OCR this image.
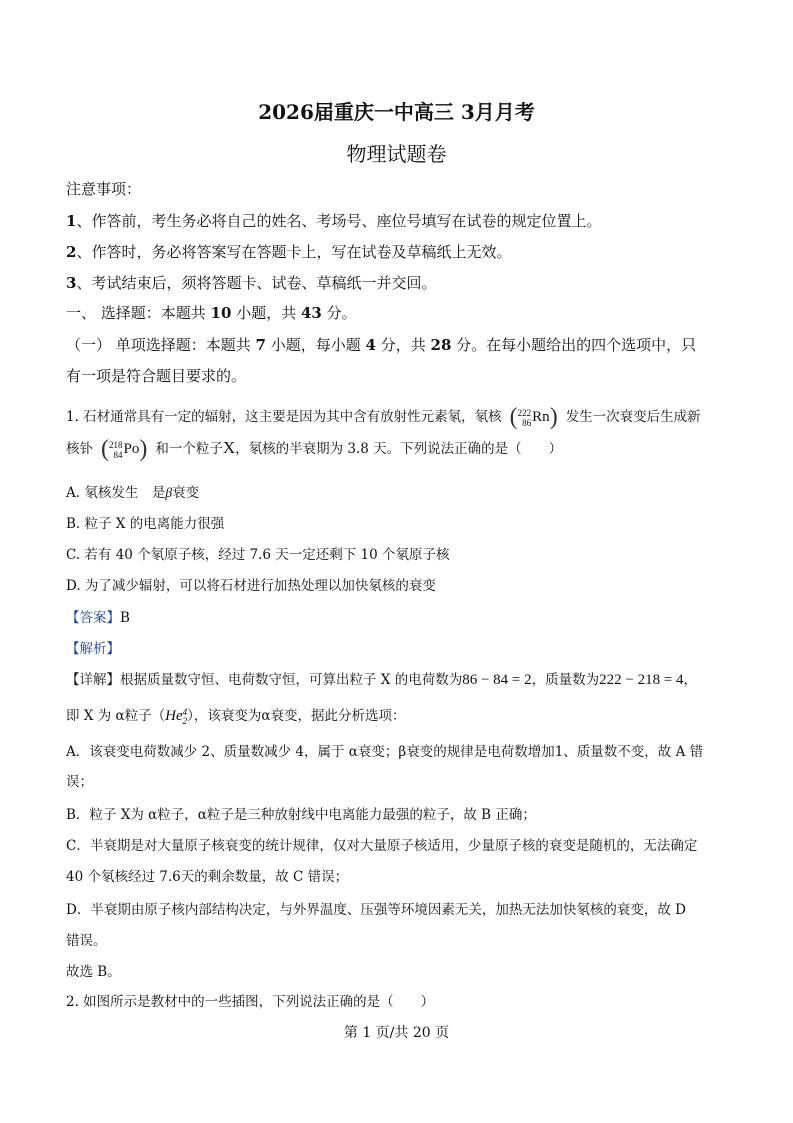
2026届重庆一中高三 3月月考
物理试题卷
注意事项：
1、作答前，考生务必将自己的姓名、考场号、座位号填写在试卷的规定位置上。
2、作答时，务必将答案写在答题卡上，写在试卷及草稿纸上无效。
3、考试结束后，须将答题卡、试卷、草稿纸一并交回。
一、 选择题：本题共 10 小题，共 43 分。
（一） 单项选择题：本题共 7 小题，每小题 4 分，共 28 分。在每小题给出的四个选项中，只
有一项是符合题目要求的。
1. 石材通常具有一定的辐射，这主要是因为其中含有放射性元素氡，氡核 (222
86Rn) 发生一次衰变后生成新
核钋 (218
84Po) 和一个粒子X，氡核的半衰期为 3.8 天。下列说法正确的是（　　）
A. 氡核发生　是β衰变
B. 粒子 X 的电离能力很强
C. 若有 40 个氡原子核，经过 7.6 天一定还剩下 10 个氡原子核
D. 为了减少辐射，可以将石材进行加热处理以加快氡核的衰变
【答案】B
【解析】
【详解】根据质量数守恒、电荷数守恒，可算出粒子 X 的电荷数为86 − 84 = 2，质量数为222 − 218 = 4，
即 X 为 α粒子（He4
2），该衰变为α衰变，据此分析选项：
A．该衰变电荷数减少 2、质量数减少 4，属于 α衰变；β衰变的规律是电荷数增加1、质量数不变，故 A 错
误；
B．粒子 X为 α粒子，α粒子是三种放射线中电离能力最强的粒子，故 B 正确；
C．半衰期是对大量原子核衰变的统计规律，仅对大量原子核适用，少量原子核的衰变是随机的，无法确定
40 个氡核经过 7.6天的剩余数量，故 C 错误；
D．半衰期由原子核内部结构决定，与外界温度、压强等环境因素无关，加热无法加快氡核的衰变，故 D
错误。
故选 B。
2. 如图所示是教材中的一些插图，下列说法正确的是（　　）
第 1 页/共 20 页
